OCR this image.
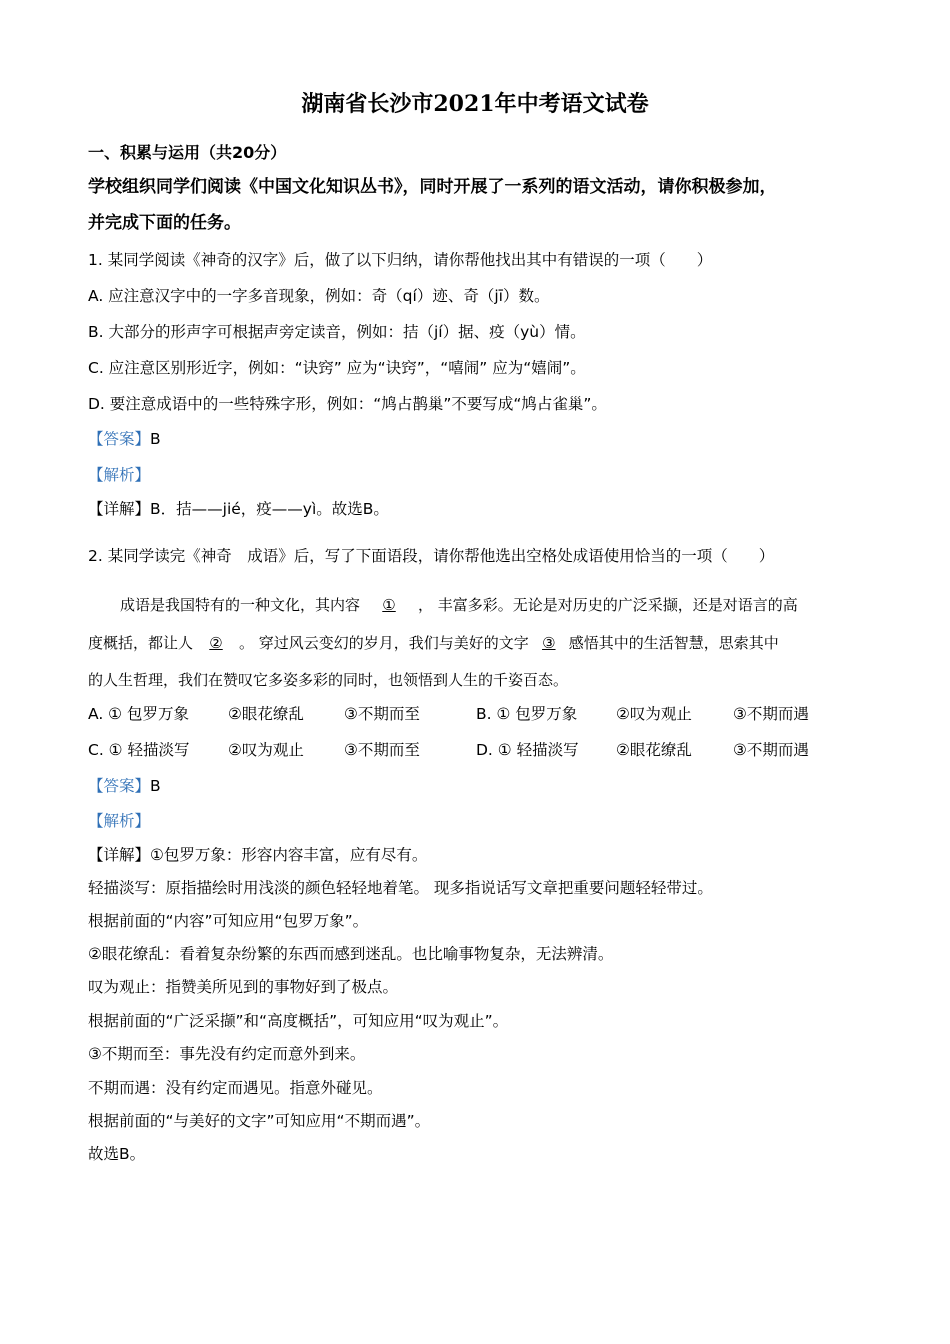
湖南省长沙市2021年中考语文试卷
一、积累与运用（共20分）
学校组织同学们阅读《中国文化知识丛书》，同时开展了一系列的语文活动，请你积极参加，
并完成下面的任务。
1. 某同学阅读《神奇的汉字》后，做了以下归纳，请你帮他找出其中有错误的一项（　　）
A. 应注意汉字中的一字多音现象，例如：奇（qí）迹、奇（jī）数。
B. 大部分的形声字可根据声旁定读音，例如：拮（jí）据、疫（yù）情。
C. 应注意区别形近字，例如：“诀窍” 应为“诀窍”，“嘻闹” 应为“嬉闹”。
D. 要注意成语中的一些特殊字形，例如：“鸠占鹊巢”不要写成“鸠占雀巢”。
【答案】B
【解析】
【详解】B．拮——jié，疫——yì。故选B。
2. 某同学读完《神奇　成语》后，写了下面语段，请你帮他选出空格处成语使用恰当的一项（　　）
成语是我国特有的一种文化，其内容 ① ， 丰富多彩。无论是对历史的广泛采撷，还是对语言的高
度概括，都让人 ② 。 穿过风云变幻的岁月，我们与美好的文字 ③ 感悟其中的生活智慧，思索其中
的人生哲理，我们在赞叹它多姿多彩的同时，也领悟到人生的千姿百态。
A. ① 包罗万象	②眼花缭乱	③不期而至	B. ① 包罗万象 ②叹为观止	③不期而遇
C. ① 轻描淡写 ②叹为观止	③不期而至	D. ① 轻描淡写 ②眼花缭乱	③不期而遇
【答案】B
【解析】
【详解】①包罗万象：形容内容丰富，应有尽有。
轻描淡写：原指描绘时用浅淡的颜色轻轻地着笔。 现多指说话写文章把重要问题轻轻带过。
根据前面的“内容”可知应用“包罗万象”。
②眼花缭乱：看着复杂纷繁的东西而感到迷乱。也比喻事物复杂，无法辨清。
叹为观止：指赞美所见到的事物好到了极点。
根据前面的“广泛采撷”和“高度概括”，可知应用“叹为观止”。
③不期而至：事先没有约定而意外到来。
不期而遇：没有约定而遇见。指意外碰见。
根据前面的“与美好的文字”可知应用“不期而遇”。
故选B。
